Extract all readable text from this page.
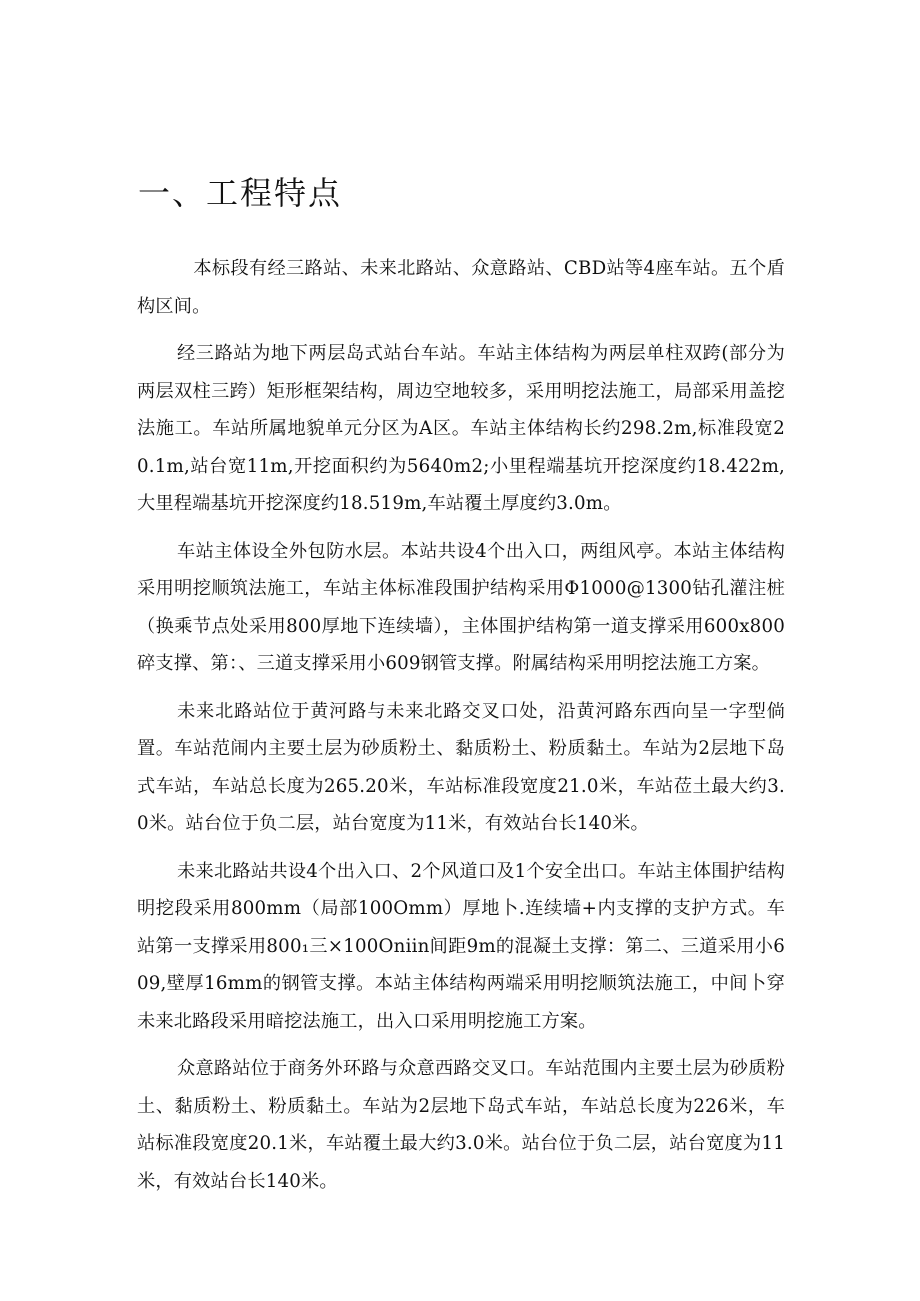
一、工程特点

本标段有经三路站、未来北路站、众意路站、CBD站等4座车站。五个盾构区间。

经三路站为地下两层岛式站台车站。车站主体结构为两层单柱双跨(部分为两层双柱三跨）矩形框架结构，周边空地较多，采用明挖法施工，局部采用盖挖法施工。车站所属地貌单元分区为A区。车站主体结构长约298.2m,标准段宽20.1m,站台宽11m,开挖面积约为5640m2;小里程端基坑开挖深度约18.422m,大里程端基坑开挖深度约18.519m,车站覆土厚度约3.0m。

车站主体设全外包防水层。本站共设4个出入口，两组风亭。本站主体结构采用明挖顺筑法施工，车站主体标准段围护结构采用Φ1000@1300钻孔灌注桩（换乘节点处采用800厚地下连续墙），主体围护结构第一道支撑采用600x800碎支撑、第：、三道支撑采用小609钢管支撑。附属结构采用明挖法施工方案。

未来北路站位于黄河路与未来北路交叉口处，沿黄河路东西向呈一字型倘置。车站范闹内主要土层为砂质粉土、黏质粉土、粉质黏土。车站为2层地下岛式车站，车站总长度为265.20米，车站标准段宽度21.0米，车站莅土最大约3.0米。站台位于负二层，站台宽度为11米，有效站台长140米。

未来北路站共设4个出入口、2个风道口及1个安全出口。车站主体围护结构明挖段采用800mm（局部100Omm）厚地卜.连续墙+内支撑的支护方式。车站第一支撑采用800₁三×100Oniin间距9m的混凝土支撑：第二、三道采用小609,壁厚16mm的钢管支撑。本站主体结构两端采用明挖顺筑法施工，中间卜穿未来北路段采用暗挖法施工，出入口采用明挖施工方案。

众意路站位于商务外环路与众意西路交叉口。车站范围内主要土层为砂质粉土、黏质粉土、粉质黏土。车站为2层地下岛式车站，车站总长度为226米，车站标准段宽度20.1米，车站覆土最大约3.0米。站台位于负二层，站台宽度为11米，有效站台长140米。
